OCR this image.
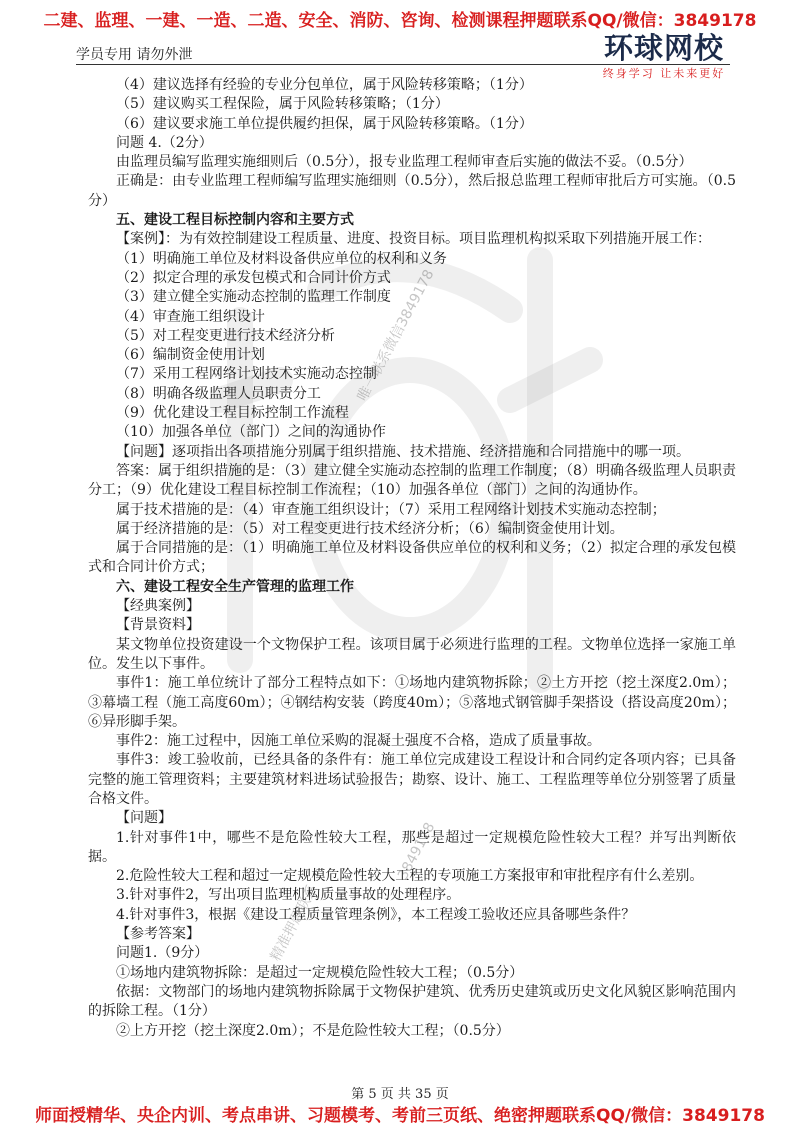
二建、监理、一建、一造、二造、安全、消防、咨询、检测课程押题联系QQ/微信：3849178
学员专用 请勿外泄	环球网校
终身学习 让未来更好

（4）建议选择有经验的专业分包单位，属于风险转移策略；（1分）

（5）建议购买工程保险，属于风险转移策略；（1分）

（6）建议要求施工单位提供履约担保，属于风险转移策略。（1分）

问题 4.（2分）

由监理员编写监理实施细则后（0.5分），报专业监理工程师审查后实施的做法不妥。（0.5分）

正确是：由专业监理工程师编写监理实施细则（0.5分），然后报总监理工程师审批后方可实施。（0.5分）

五、建设工程目标控制内容和主要方式

【案例】：为有效控制建设工程质量、进度、投资目标。项目监理机构拟采取下列措施开展工作：

（1）明确施工单位及材料设备供应单位的权利和义务

（2）拟定合理的承发包模式和合同计价方式

（3）建立健全实施动态控制的监理工作制度

（4）审查施工组织设计

（5）对工程变更进行技术经济分析

（6）编制资金使用计划

（7）采用工程网络计划技术实施动态控制

（8）明确各级监理人员职责分工

（9）优化建设工程目标控制工作流程

（10）加强各单位（部门）之间的沟通协作

【问题】逐项指出各项措施分别属于组织措施、技术措施、经济措施和合同措施中的哪一项。

答案：属于组织措施的是：（3）建立健全实施动态控制的监理工作制度；（8）明确各级监理人员职责分工；（9）优化建设工程目标控制工作流程；（10）加强各单位（部门）之间的沟通协作。

属于技术措施的是：（4）审查施工组织设计；（7）采用工程网络计划技术实施动态控制；

属于经济措施的是：（5）对工程变更进行技术经济分析；（6）编制资金使用计划。

属于合同措施的是：（1）明确施工单位及材料设备供应单位的权利和义务；（2）拟定合理的承发包模式和合同计价方式；

六、建设工程安全生产管理的监理工作

【经典案例】

【背景资料】

某文物单位投资建设一个文物保护工程。该项目属于必须进行监理的工程。文物单位选择一家施工单位。发生以下事件。

事件1：施工单位统计了部分工程特点如下：①场地内建筑物拆除；②土方开挖（挖土深度2.0m）；③幕墙工程（施工高度60m）；④钢结构安装（跨度40m）；⑤落地式钢管脚手架搭设（搭设高度20m）；⑥异形脚手架。

事件2：施工过程中，因施工单位采购的混凝土强度不合格，造成了质量事故。

事件3：竣工验收前，已经具备的条件有：施工单位完成建设工程设计和合同约定各项内容；已具备完整的施工管理资料；主要建筑材料进场试验报告；勘察、设计、施工、工程监理等单位分别签署了质量合格文件。

【问题】

1.针对事件1中，哪些不是危险性较大工程，那些是超过一定规模危险性较大工程？并写出判断依据。

2.危险性较大工程和超过一定规模危险性较大工程的专项施工方案报审和审批程序有什么差别。

3.针对事件2，写出项目监理机构质量事故的处理程序。

4.针对事件3，根据《建设工程质量管理条例》，本工程竣工验收还应具备哪些条件？

【参考答案】

问题1.（9分）

①场地内建筑物拆除：是超过一定规模危险性较大工程；（0.5分）

依据：文物部门的场地内建筑物拆除属于文物保护建筑、优秀历史建筑或历史文化风貌区影响范围内的拆除工程。（1分）

②上方开挖（挖土深度2.0m）；不是危险性较大工程；（0.5分）

唯一联系微信3849178
3849178
精准押题联系
第 5 页 共 35 页
师面授精华、央企内训、考点串讲、习题模考、考前三页纸、绝密押题联系QQ/微信：3849178
